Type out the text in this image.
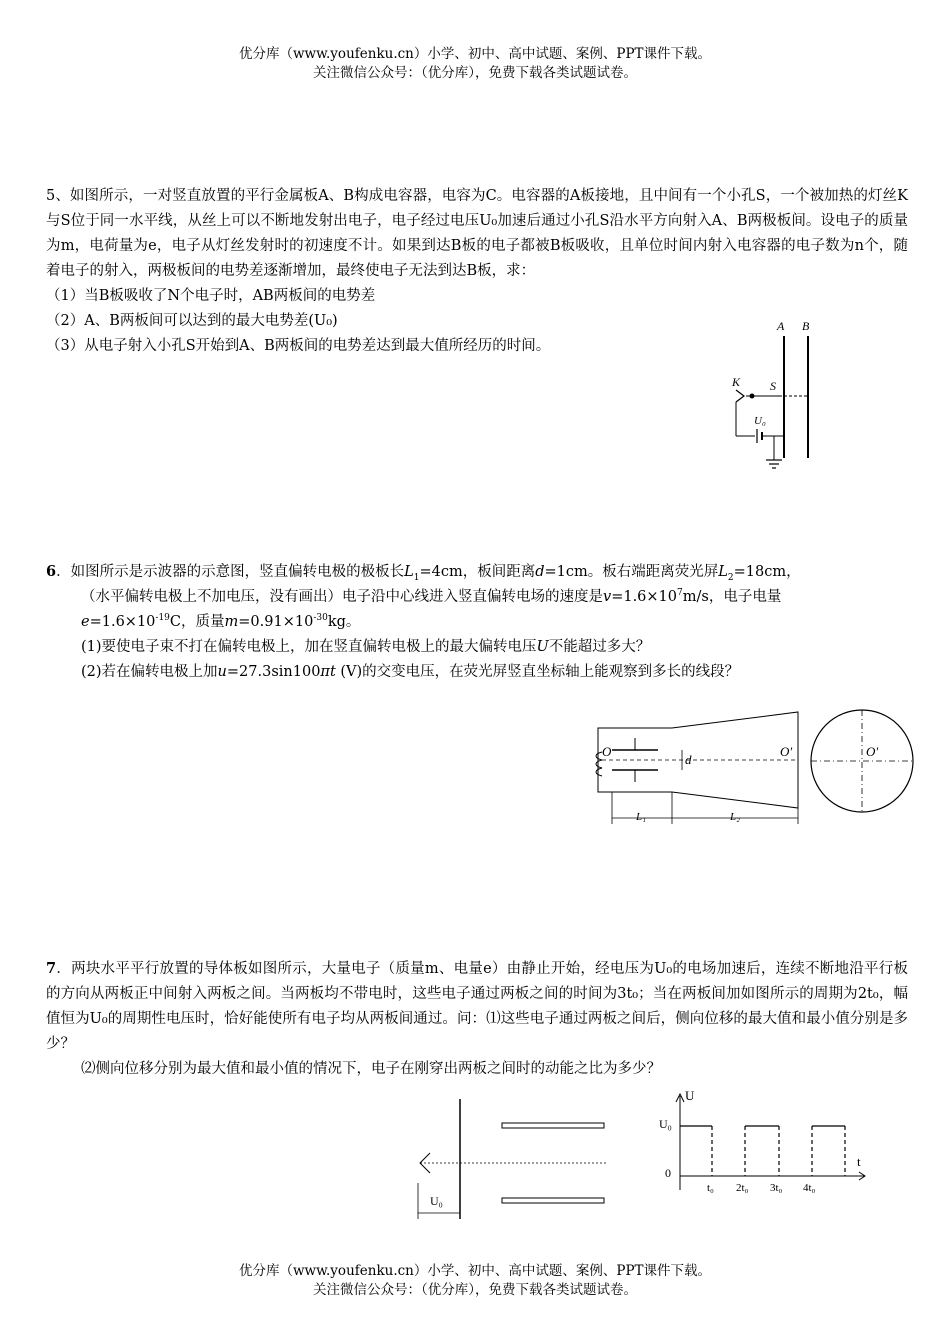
优分库（www.youfenku.cn）小学、初中、高中试题、案例、PPT课件下载。
关注微信公众号：（优分库），免费下载各类试题试卷。
5、如图所示，一对竖直放置的平行金属板A、B构成电容器，电容为C。电容器的A板接地，且中间有一个小孔S，一个被加热的灯丝K与S位于同一水平线，从丝上可以不断地发射出电子，电子经过电压U₀加速后通过小孔S沿水平方向射入A、B两极板间。设电子的质量为m，电荷量为e，电子从灯丝发射时的初速度不计。如果到达B板的电子都被B板吸收，且单位时间内射入电容器的电子数为n个，随着电子的射入，两极板间的电势差逐渐增加，最终使电子无法到达B板，求：
（1）当B板吸收了N个电子时，AB两板间的电势差
（2）A、B两板间可以达到的最大电势差(U₀)
（3）从电子射入小孔S开始到A、B两板间的电势差达到最大值所经历的时间。
A B
K S
U₀
6．如图所示是示波器的示意图，竖直偏转电极的极板长$L_1=4cm$，板间距离d=1cm。板右端距离荧光屏$L_2=18cm$，
（水平偏转电极上不加电压，没有画出）电子沿中心线进入竖直偏转电场的速度是$v=1.6\times 10^7m/s$，电子电量
$e=1.6\times 10^{-19}C$，质量$m=0.91\times 10^{-30}kg$。
(1)要使电子束不打在偏转电极上，加在竖直偏转电极上的最大偏转电压U不能超过多大？
(2)若在偏转电极上加u=27.3sin100πt (V)的交变电压，在荧光屏竖直坐标轴上能观察到多长的线段？
O
d
O′
L₁	L₂
O′
7．两块水平平行放置的导体板如图所示，大量电子（质量m、电量e）由静止开始，经电压为U₀的电场加速后，连续不断地沿平行板的方向从两板正中间射入两板之间。当两板均不带电时，这些电子通过两板之间的时间为3t₀；当在两板间加如图所示的周期为2t₀，幅值恒为U₀的周期性电压时，恰好能使所有电子均从两板间通过。问：⑴这些电子通过两板之间后，侧向位移的最大值和最小值分别是多少？
⑵侧向位移分别为最大值和最小值的情况下，电子在刚穿出两板之间时的动能之比为多少？
U₀
U
t
U₀
0
t₀ 2t₀ 3t₀ 4t₀
优分库（www.youfenku.cn）小学、初中、高中试题、案例、PPT课件下载。
关注微信公众号：（优分库），免费下载各类试题试卷。
